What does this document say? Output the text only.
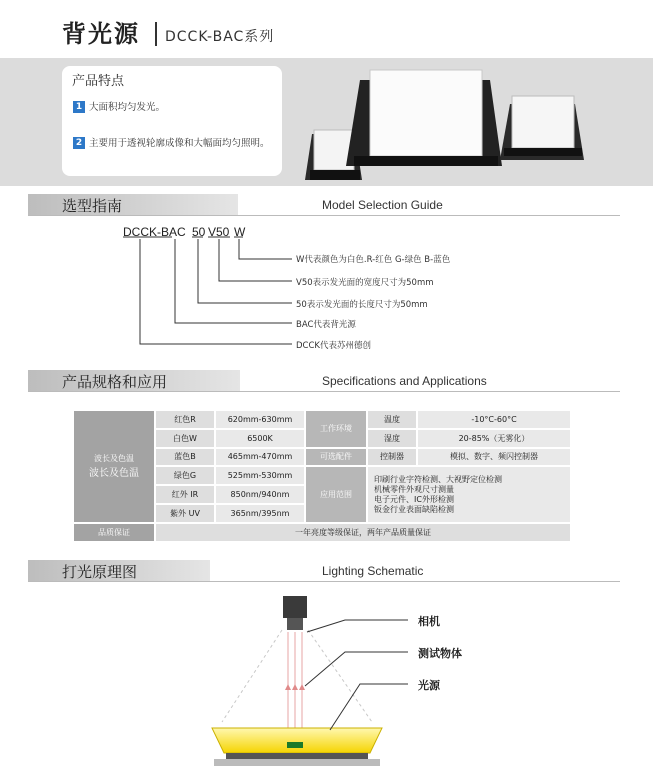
背光源 DCCK-BAC系列
产品特点
1 大面积均匀发光。
2 主要用于透视轮廓成像和大幅面均匀照明。
选型指南	Model Selection Guide
DCCK-BAC 50 V50 W
W代表颜色为白色.R-红色 G-绿色 B-蓝色
V50表示发光面的宽度尺寸为50mm
50表示发光面的长度尺寸为50mm
BAC代表背光源
DCCK代表苏州德创
产品规格和应用	Specifications and Applications
波长及色温
波长及色温	红色R	620mm-630mm	工作环境	温度	-10°C-60°C
	白色W	6500K		湿度	20-85%（无雾化）
	蓝色B	465mm-470mm	可选配件	控制器	模拟、数字、频闪控制器
	绿色G	525mm-530mm	应用范围	印刷行业字符检测、大视野定位检测
机械零件外观尺寸测量
电子元件、IC外形检测
钣金行业表面缺陷检测	

	红外 IR	850nm/940nm			
	紫外 UV	365nm/395nm			
品质保证	一年亮度等级保证，两年产品质量保证				
打光原理图	Lighting Schematic
相机
测试物体
光源
